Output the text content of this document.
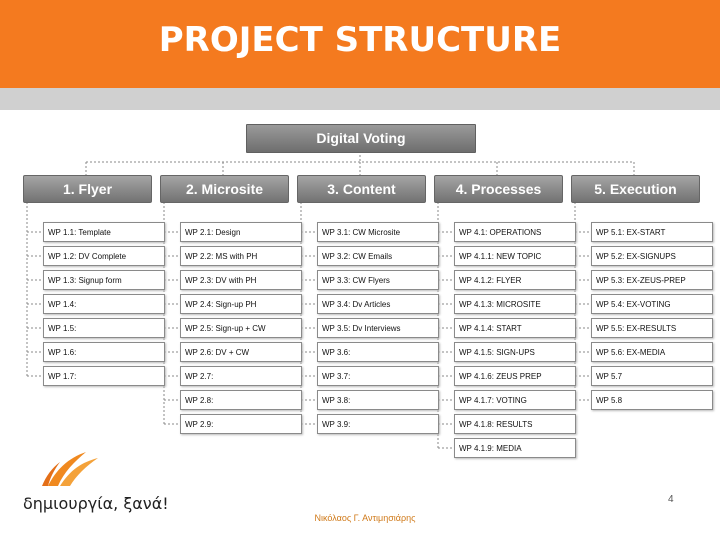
PROJECT STRUCTURE
Digital Voting
1. Flyer
WP 1.1: Template
WP 1.2: DV Complete
WP 1.3: Signup form
WP 1.4:
WP 1.5:
WP 1.6:
WP 1.7:
2. Microsite
WP 2.1: Design
WP 2.2: MS with PH
WP 2.3: DV with PH
WP 2.4: Sign-up PH
WP 2.5: Sign-up + CW
WP 2.6: DV + CW
WP 2.7:
WP 2.8:
WP 2.9:
3. Content
WP 3.1: CW Microsite
WP 3.2: CW Emails
WP 3.3: CW Flyers
WP 3.4: Dv Articles
WP 3.5: Dv Interviews
WP 3.6:
WP 3.7:
WP 3.8:
WP 3.9:
4. Processes
WP 4.1: OPERATIONS
WP 4.1.1: NEW TOPIC
WP 4.1.2: FLYER
WP 4.1.3: MICROSITE
WP 4.1.4: START
WP 4.1.5: SIGN-UPS
WP 4.1.6: ZEUS PREP
WP 4.1.7: VOTING
WP 4.1.8: RESULTS
WP 4.1.9: MEDIA
5. Execution
WP 5.1: EX-START
WP 5.2: EX-SIGNUPS
WP 5.3: EX-ZEUS-PREP
WP 5.4: EX-VOTING
WP 5.5: EX-RESULTS
WP 5.6: EX-MEDIA
WP 5.7
WP 5.8
δημιουργία, ξανά!
Νικόλαος Γ. Αντιμησιάρης
4
